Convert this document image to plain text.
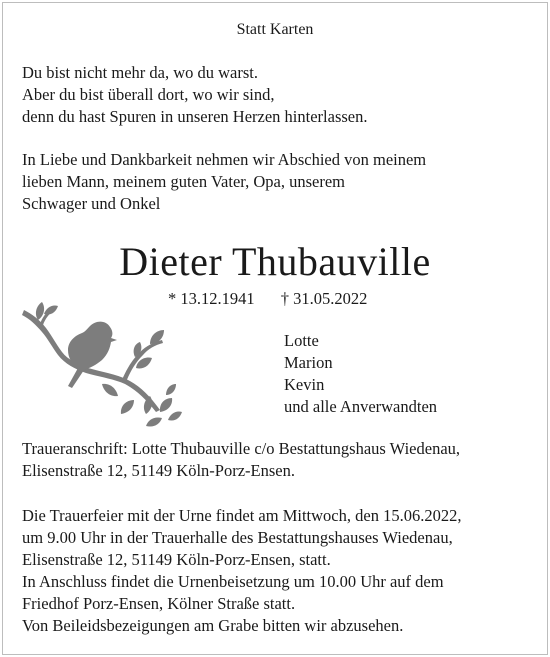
Statt Karten
Du bist nicht mehr da, wo du warst.
Aber du bist überall dort, wo wir sind,
denn du hast Spuren in unseren Herzen hinterlassen.
In Liebe und Dankbarkeit nehmen wir Abschied von meinem
lieben Mann, meinem guten Vater, Opa, unserem
Schwager und Onkel
Dieter Thubauville
* 13.12.1941 † 31.05.2022
Lotte
Marion
Kevin
und alle Anverwandten
Traueranschrift: Lotte Thubauville c/o Bestattungshaus Wiedenau,
Elisenstraße 12, 51149 Köln-Porz-Ensen.
Die Trauerfeier mit der Urne findet am Mittwoch, den 15.06.2022,
um 9.00 Uhr in der Trauerhalle des Bestattungshauses Wiedenau,
Elisenstraße 12, 51149 Köln-Porz-Ensen, statt.
In Anschluss findet die Urnenbeisetzung um 10.00 Uhr auf dem
Friedhof Porz-Ensen, Kölner Straße statt.
Von Beileidsbezeigungen am Grabe bitten wir abzusehen.
